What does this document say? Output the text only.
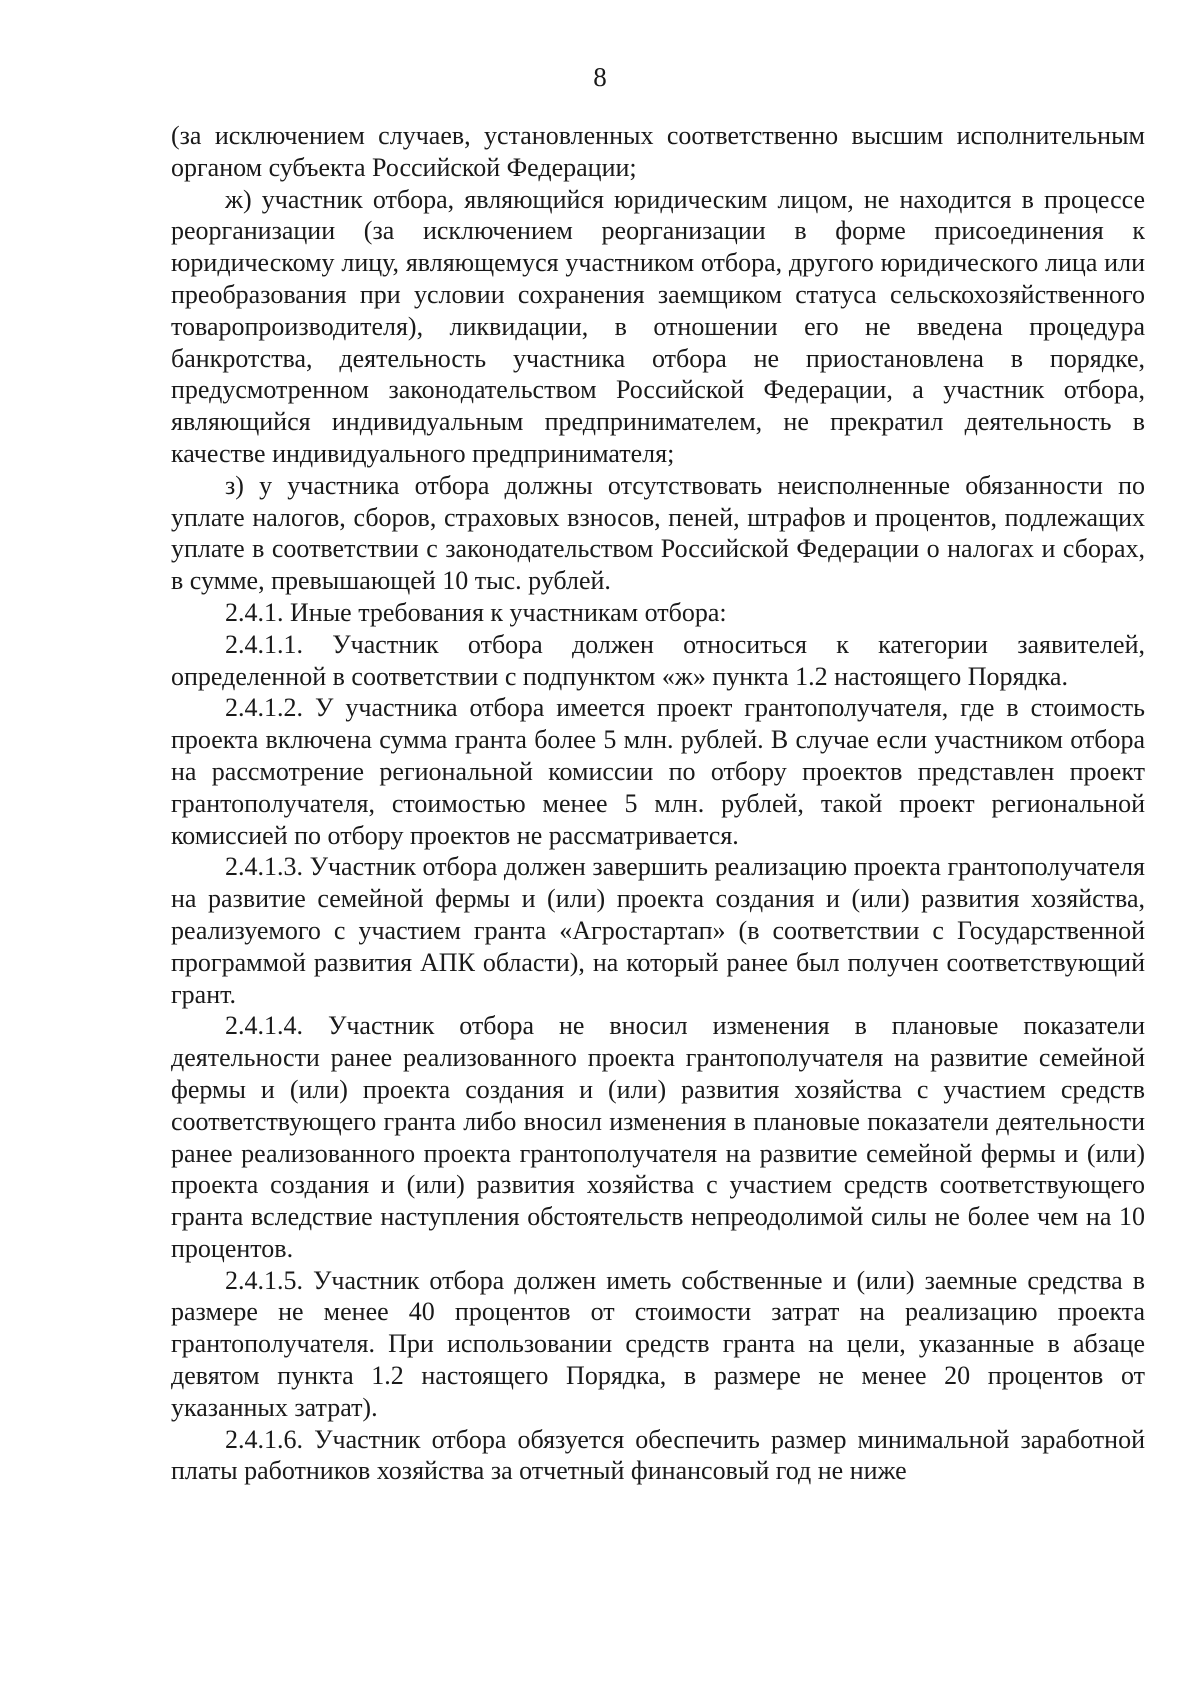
8

(за исключением случаев, установленных соответственно высшим исполнительным органом субъекта Российской Федерации;

ж) участник отбора, являющийся юридическим лицом, не находится в процессе реорганизации (за исключением реорганизации в форме присоединения к юридическому лицу, являющемуся участником отбора, другого юридического лица или преобразования при условии сохранения заемщиком статуса сельскохозяйственного товаропроизводителя), ликвидации, в отношении его не введена процедура банкротства, деятельность участника отбора не приостановлена в порядке, предусмотренном законодательством Российской Федерации, а участник отбора, являющийся индивидуальным предпринимателем, не прекратил деятельность в качестве индивидуального предпринимателя;

з) у участника отбора должны отсутствовать неисполненные обязанности по уплате налогов, сборов, страховых взносов, пеней, штрафов и процентов, подлежащих уплате в соответствии с законодательством Российской Федерации о налогах и сборах, в сумме, превышающей 10 тыс. рублей.

2.4.1. Иные требования к участникам отбора:

2.4.1.1. Участник отбора должен относиться к категории заявителей, определенной в соответствии с подпунктом «ж» пункта 1.2 настоящего Порядка.

2.4.1.2. У участника отбора имеется проект грантополучателя, где в стоимость проекта включена сумма гранта более 5 млн. рублей. В случае если участником отбора на рассмотрение региональной комиссии по отбору проектов представлен проект грантополучателя, стоимостью менее 5 млн. рублей, такой проект региональной комиссией по отбору проектов не рассматривается.

2.4.1.3. Участник отбора должен завершить реализацию проекта грантополучателя на развитие семейной фермы и (или) проекта создания и (или) развития хозяйства, реализуемого с участием гранта «Агростартап» (в соответствии с Государственной программой развития АПК области), на который ранее был получен соответствующий грант.

2.4.1.4. Участник отбора не вносил изменения в плановые показатели деятельности ранее реализованного проекта грантополучателя на развитие семейной фермы и (или) проекта создания и (или) развития хозяйства с участием средств соответствующего гранта либо вносил изменения в плановые показатели деятельности ранее реализованного проекта грантополучателя на развитие семейной фермы и (или) проекта создания и (или) развития хозяйства с участием средств соответствующего гранта вследствие наступления обстоятельств непреодолимой силы не более чем на 10 процентов.

2.4.1.5. Участник отбора должен иметь собственные и (или) заемные средства в размере не менее 40 процентов от стоимости затрат на реализацию проекта грантополучателя. При использовании средств гранта на цели, указанные в абзаце девятом пункта 1.2 настоящего Порядка, в размере не менее 20 процентов от указанных затрат).

2.4.1.6. Участник отбора обязуется обеспечить размер минимальной заработной платы работников хозяйства за отчетный финансовый год не ниже
